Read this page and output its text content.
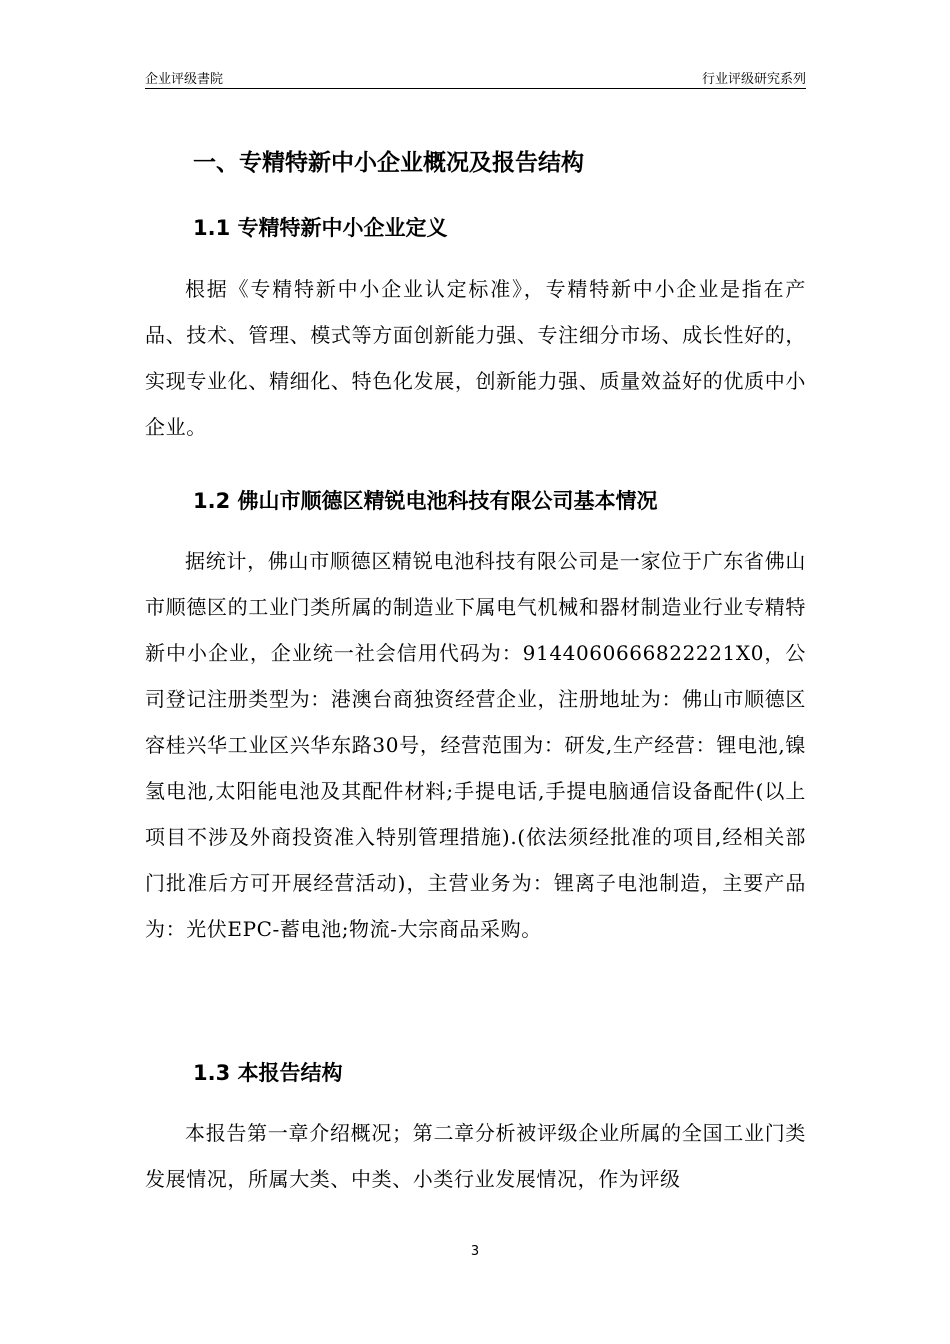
企业评级書院	行业评级研究系列
一、专精特新中小企业概况及报告结构
1.1 专精特新中小企业定义

根据《专精特新中小企业认定标准》，专精特新中小企业是指在产品、技术、管理、模式等方面创新能力强、专注细分市场、成长性好的，实现专业化、精细化、特色化发展，创新能力强、质量效益好的优质中小企业。

1.2 佛山市顺德区精锐电池科技有限公司基本情况

据统计，佛山市顺德区精锐电池科技有限公司是一家位于广东省佛山市顺德区的工业门类所属的制造业下属电气机械和器材制造业行业专精特新中小企业，企业统一社会信用代码为：9144060666822221X0，公司登记注册类型为：港澳台商独资经营企业，注册地址为：佛山市顺德区容桂兴华工业区兴华东路30号，经营范围为：研发,生产经营：锂电池,镍氢电池,太阳能电池及其配件材料;手提电话,手提电脑通信设备配件(以上项目不涉及外商投资准入特别管理措施).(依法须经批准的项目,经相关部门批准后方可开展经营活动)，主营业务为：锂离子电池制造，主要产品为：光伏EPC-蓄电池;物流-大宗商品采购。

1.3 本报告结构

本报告第一章介绍概况；第二章分析被评级企业所属的全国工业门类发展情况，所属大类、中类、小类行业发展情况，作为评级

3
